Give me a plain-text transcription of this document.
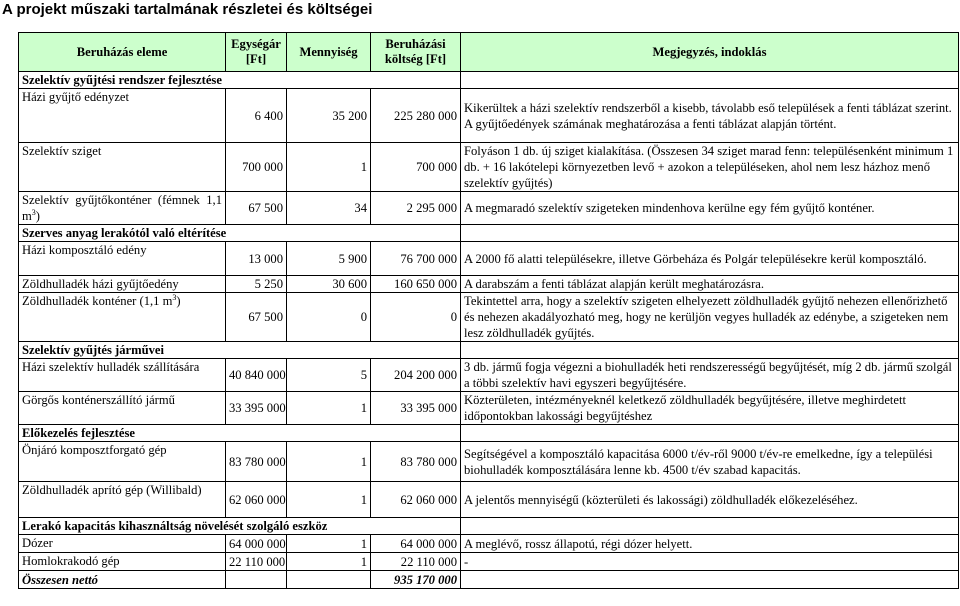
A projekt műszaki tartalmának részletei és költségei
Beruházás eleme	Egységár [Ft]	Mennyiség	Beruházási költség [Ft]	Megjegyzés, indoklás
Szelektív gyűjtési rendszer fejlesztése				
Házi gyűjtő edényzet	6 400	35 200	225 280 000	Kikerültek a házi szelektív rendszerből a kisebb, távolabb eső települések a fenti táblázat szerint. A gyűjtőedények számának meghatározása a fenti táblázat alapján történt.
Szelektív sziget	700 000	1	700 000	Folyáson 1 db. új sziget kialakítása. (Összesen 34 sziget marad fenn: településenként minimum 1 db. + 16 lakótelepi környezetben levő + azokon a településeken, ahol nem lesz házhoz menő szelektív gyűjtés)
Szelektív gyűjtőkonténer (fémnek 1,1 $m^3$)	67 500	34	2 295 000	A megmaradó szelektív szigeteken mindenhova kerülne egy fém gyűjtő konténer.
Szerves anyag lerakótól való eltérítése				
Házi komposztáló edény	13 000	5 900	76 700 000	A 2000 fő alatti településekre, illetve Görbeháza és Polgár településekre kerül komposztáló.
Zöldhulladék házi gyűjtőedény	5 250	30 600	160 650 000	A darabszám a fenti táblázat alapján került meghatározásra.
Zöldhulladék konténer (1,1 $m^3$)	67 500	0	0	Tekintettel arra, hogy a szelektív szigeten elhelyezett zöldhulladék gyűjtő nehezen ellenőrizhető és nehezen akadályozható meg, hogy ne kerüljön vegyes hulladék az edénybe, a szigeteken nem lesz zöldhulladék gyűjtés.
Szelektív gyűjtés járművei				
Házi szelektív hulladék szállítására	40 840 000	5	204 200 000	3 db. jármű fogja végezni a biohulladék heti rendszerességű begyűjtését, míg 2 db. jármű szolgál a többi szelektív havi egyszeri begyűjtésére.
Görgős konténerszállító jármű	33 395 000	1	33 395 000	Közterületen, intézményeknél keletkező zöldhulladék begyűjtésére, illetve meghirdetett időpontokban lakossági begyűjtéshez
Előkezelés fejlesztése				
Önjáró komposztforgató gép	83 780 000	1	83 780 000	Segítségével a komposztáló kapacitása 6000 t/év-ről 9000 t/év-re emelkedne, így a települési biohulladék komposztálására lenne kb. 4500 t/év szabad kapacitás.
Zöldhulladék aprító gép (Willibald)	62 060 000	1	62 060 000	A jelentős mennyiségű (közterületi és lakossági) zöldhulladék előkezeléséhez.
Lerakó kapacitás kihasználtság növelését szolgáló eszköz				
Dózer	64 000 000	1	64 000 000	A meglévő, rossz állapotú, régi dózer helyett.
Homlokrakodó gép	22 110 000	1	22 110 000	-
Összesen nettó			935 170 000	
